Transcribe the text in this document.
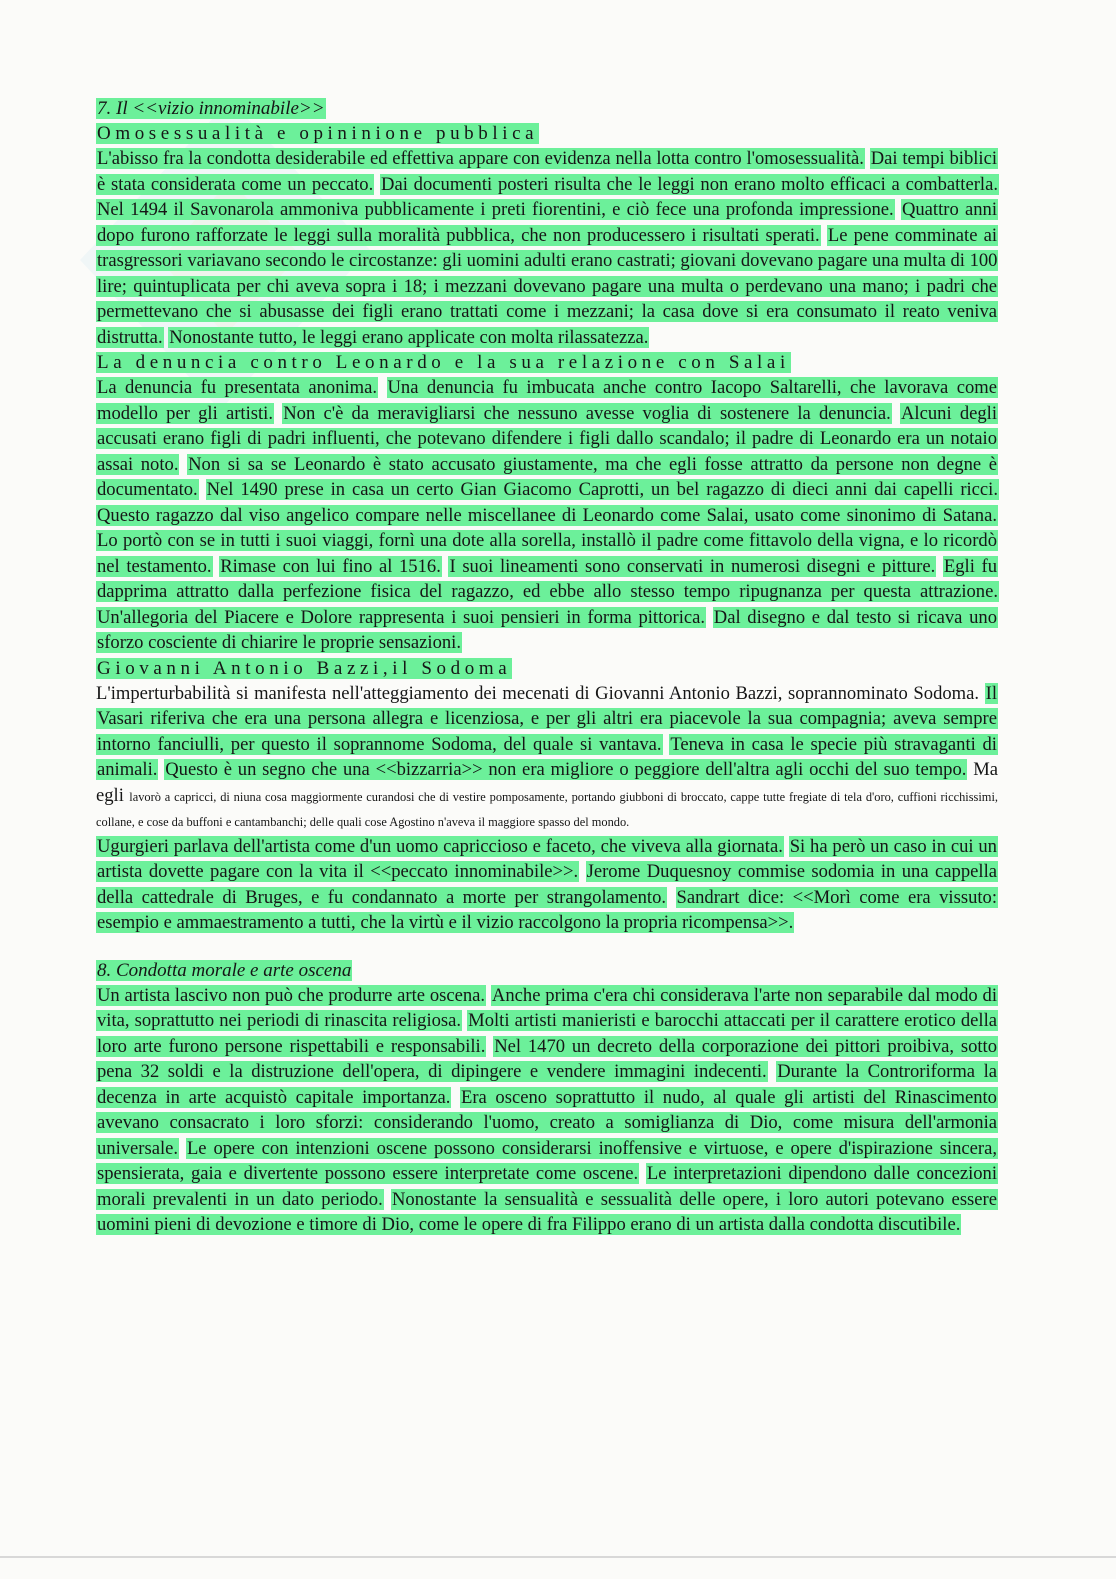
7. Il <<vizio innominabile>>
Omosessualità e opininione pubblica

L'abisso fra la condotta desiderabile ed effettiva appare con evidenza nella lotta contro l'omosessualità. Dai tempi biblici è stata considerata come un peccato. Dai documenti posteri risulta che le leggi non erano molto efficaci a combatterla. Nel 1494 il Savonarola ammoniva pubblicamente i preti fiorentini, e ciò fece una profonda impressione. Quattro anni dopo furono rafforzate le leggi sulla moralità pubblica, che non producessero i risultati sperati. Le pene comminate ai trasgressori variavano secondo le circostanze: gli uomini adulti erano castrati; giovani dovevano pagare una multa di 100 lire; quintuplicata per chi aveva sopra i 18; i mezzani dovevano pagare una multa o perdevano una mano; i padri che permettevano che si abusasse dei figli erano trattati come i mezzani; la casa dove si era consumato il reato veniva distrutta. Nonostante tutto, le leggi erano applicate con molta rilassatezza.

La denuncia contro Leonardo e la sua relazione con Salai

La denuncia fu presentata anonima. Una denuncia fu imbucata anche contro Iacopo Saltarelli, che lavorava come modello per gli artisti. Non c'è da meravigliarsi che nessuno avesse voglia di sostenere la denuncia. Alcuni degli accusati erano figli di padri influenti, che potevano difendere i figli dallo scandalo; il padre di Leonardo era un notaio assai noto. Non si sa se Leonardo è stato accusato giustamente, ma che egli fosse attratto da persone non degne è documentato. Nel 1490 prese in casa un certo Gian Giacomo Caprotti, un bel ragazzo di dieci anni dai capelli ricci. Questo ragazzo dal viso angelico compare nelle miscellanee di Leonardo come Salai, usato come sinonimo di Satana. Lo portò con se in tutti i suoi viaggi, fornì una dote alla sorella, installò il padre come fittavolo della vigna, e lo ricordò nel testamento. Rimase con lui fino al 1516. I suoi lineamenti sono conservati in numerosi disegni e pitture. Egli fu dapprima attratto dalla perfezione fisica del ragazzo, ed ebbe allo stesso tempo ripugnanza per questa attrazione. Un'allegoria del Piacere e Dolore rappresenta i suoi pensieri in forma pittorica. Dal disegno e dal testo si ricava uno sforzo cosciente di chiarire le proprie sensazioni.

Giovanni Antonio Bazzi,il Sodoma

L'imperturbabilità si manifesta nell'atteggiamento dei mecenati di Giovanni Antonio Bazzi, soprannominato Sodoma. Il Vasari riferiva che era una persona allegra e licenziosa, e per gli altri era piacevole la sua compagnia; aveva sempre intorno fanciulli, per questo il soprannome Sodoma, del quale si vantava. Teneva in casa le specie più stravaganti di animali. Questo è un segno che una <<bizzarria>> non era migliore o peggiore dell'altra agli occhi del suo tempo. Ma egli lavorò a capricci, di niuna cosa maggiormente curandosi che di vestire pomposamente, portando giubboni di broccato, cappe tutte fregiate di tela d'oro, cuffioni ricchissimi, collane, e cose da buffoni e cantambanchi; delle quali cose Agostino n'aveva il maggiore spasso del mondo.

Ugurgieri parlava dell'artista come d'un uomo capriccioso e faceto, che viveva alla giornata. Si ha però un caso in cui un artista dovette pagare con la vita il <<peccato innominabile>>. Jerome Duquesnoy commise sodomia in una cappella della cattedrale di Bruges, e fu condannato a morte per strangolamento. Sandrart dice: <<Morì come era vissuto: esempio e ammaestramento a tutti, che la virtù e il vizio raccolgono la propria ricompensa>>.

8. Condotta morale e arte oscena

Un artista lascivo non può che produrre arte oscena. Anche prima c'era chi considerava l'arte non separabile dal modo di vita, soprattutto nei periodi di rinascita religiosa. Molti artisti manieristi e barocchi attaccati per il carattere erotico della loro arte furono persone rispettabili e responsabili. Nel 1470 un decreto della corporazione dei pittori proibiva, sotto pena 32 soldi e la distruzione dell'opera, di dipingere e vendere immagini indecenti. Durante la Controriforma la decenza in arte acquistò capitale importanza. Era osceno soprattutto il nudo, al quale gli artisti del Rinascimento avevano consacrato i loro sforzi: considerando l'uomo, creato a somiglianza di Dio, come misura dell'armonia universale. Le opere con intenzioni oscene possono considerarsi inoffensive e virtuose, e opere d'ispirazione sincera, spensierata, gaia e divertente possono essere interpretate come oscene. Le interpretazioni dipendono dalle concezioni morali prevalenti in un dato periodo. Nonostante la sensualità e sessualità delle opere, i loro autori potevano essere uomini pieni di devozione e timore di Dio, come le opere di fra Filippo erano di un artista dalla condotta discutibile.
